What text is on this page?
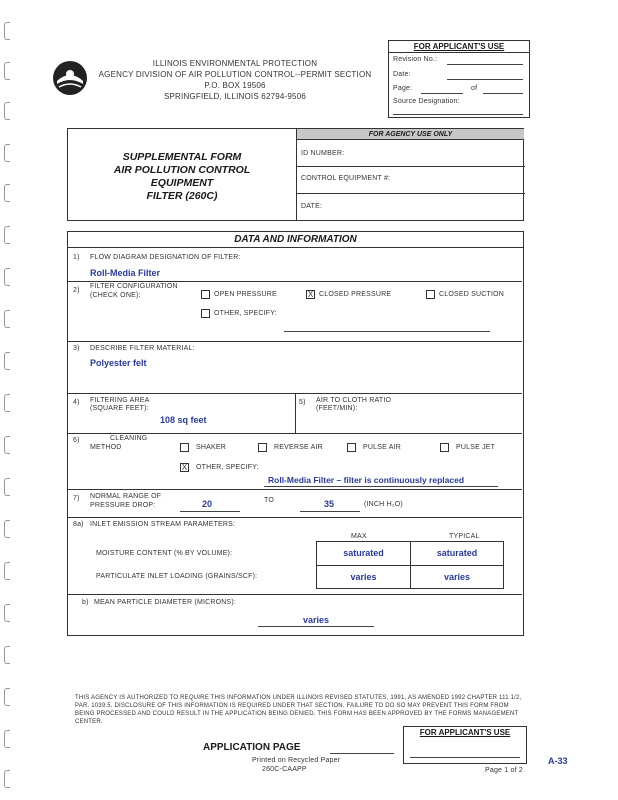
ILLINOIS ENVIRONMENTAL PROTECTION
AGENCY DIVISION OF AIR POLLUTION CONTROL--PERMIT SECTION
P.O. BOX 19506
SPRINGFIELD, ILLINOIS 62794-9506
FOR APPLICANT'S USE
Revision No.:
Date:
Page:	of
Source Designation:
SUPPLEMENTAL FORM
AIR POLLUTION CONTROL
EQUIPMENT
FILTER (260C)
FOR AGENCY USE ONLY
ID NUMBER:
CONTROL EQUIPMENT #:
DATE:
DATA AND INFORMATION
1) FLOW DIAGRAM DESIGNATION OF FILTER:
Roll-Media Filter
2)
FILTER CONFIGURATION
(CHECK ONE):	OPEN PRESSURE	X CLOSED PRESSURE	CLOSED SUCTION
OTHER, SPECIFY:
3) DESCRIBE FILTER MATERIAL:
Polyester felt
4) FILTERING AREA
(SQUARE FEET):
108 sq feet
5) AIR TO CLOTH RATIO
(FEET/MIN):
6)	CLEANING
METHOD	SHAKER	REVERSE AIR	PULSE AIR	PULSE JET
X OTHER, SPECIFY:
Roll-Media Filter – filter is continuously replaced
7) NORMAL RANGE OF
PRESSURE DROP:	20	TO	35	(INCH H₂O)
8a) INLET EMISSION STREAM PARAMETERS:
MAX	TYPICAL
saturated	saturated
varies	varies
MOISTURE CONTENT (% BY VOLUME):
PARTICULATE INLET LOADING (GRAINS/SCF):
b) MEAN PARTICLE DIAMETER (MICRONS):
varies
THIS AGENCY IS AUTHORIZED TO REQUIRE THIS INFORMATION UNDER ILLINOIS REVISED STATUTES, 1991, AS AMENDED 1992 CHAPTER 111 1/2, PAR. 1039.5. DISCLOSURE OF THIS INFORMATION IS REQUIRED UNDER THAT SECTION. FAILURE TO DO SO MAY PREVENT THIS FORM FROM BEING PROCESSED AND COULD RESULT IN THE APPLICATION BEING DENIED. THIS FORM HAS BEEN APPROVED BY THE FORMS MANAGEMENT CENTER.
APPLICATION PAGE
FOR APPLICANT'S USE
Printed on Recycled Paper
260C-CAAPP	Page 1 of 2
A-33
